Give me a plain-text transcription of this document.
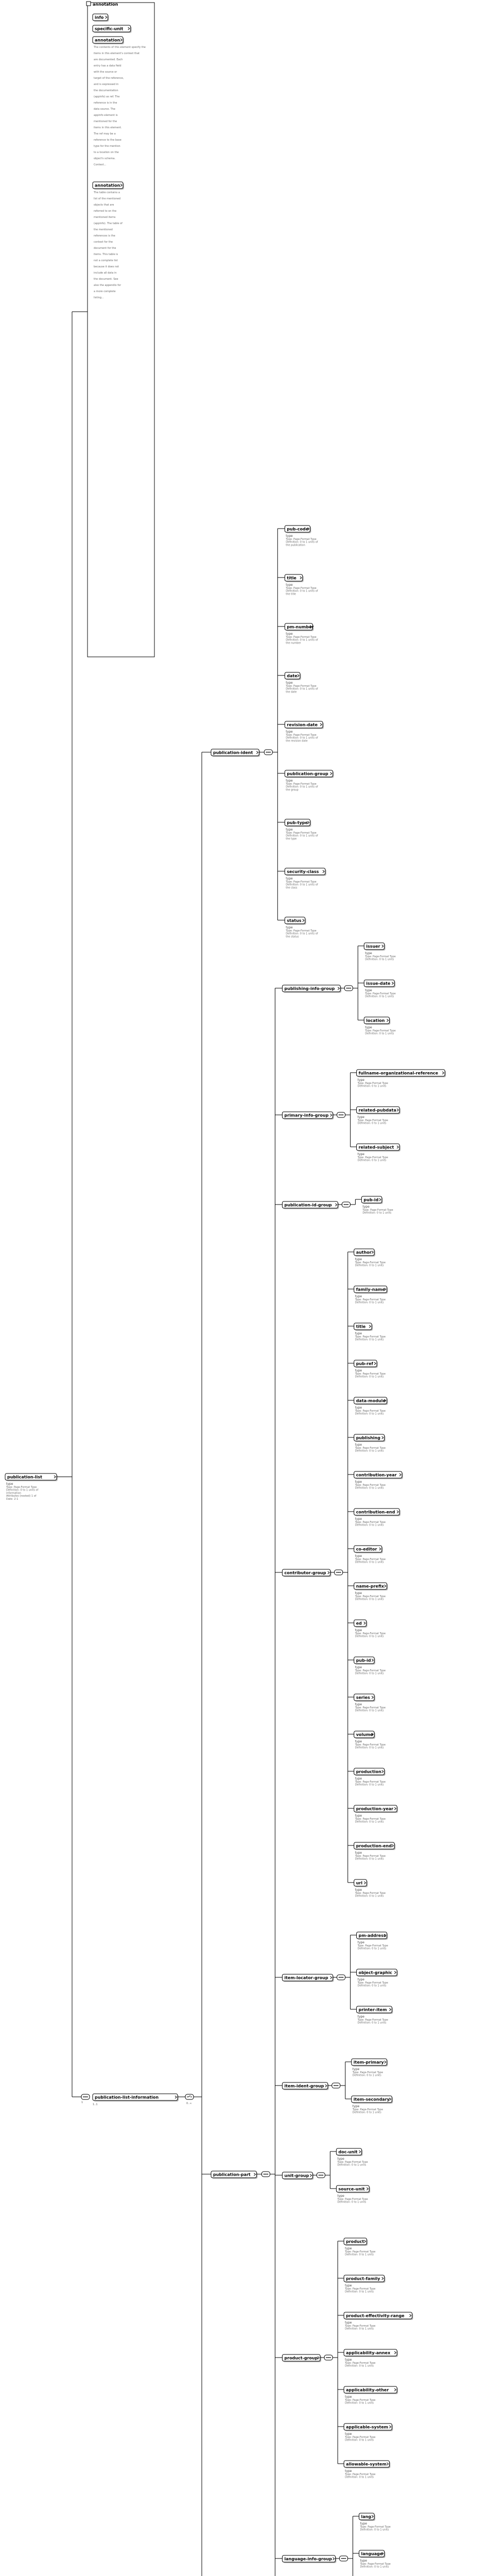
annotation
info
specific-unit
annotation
The contents of this element specify the
items in this element's context that
are documented. Each
entry has a data field
with the source or
target of the reference,
and is expressed in
the documentation
(appinfo) as ref. The
reference is in the
data source. The
appinfo element is
mentioned for the
items in this element.
The ref may be a
reference to the base
type for the mention
to a location on the
object's schema.
Context...
annotation
The table contains a
list of the mentioned
objects that are
referred to on the
mentioned items
(appinfo). The table of
the mentioned
references is the
context for the
document for the
items. This table is
not a complete list
because it does not
include all data in
the document. See
also the appendix for
a more complete
listing...
publication-list
type
Type: Page-Format Type
Definition: 0 to 1 units of
information
Attributes (nested) 1 of
Date: 2-1
1
publication-list-information
1..1	0..∞
publication-ident
pub-code
type
Type: Page-Format Type
Definition: 0 to 1 units of
the publication
title
type
Type: Page-Format Type
Definition: 0 to 1 units of
the title
pm-number
type
Type: Page-Format Type
Definition: 0 to 1 units of
the number
date
type
Type: Page-Format Type
Definition: 0 to 1 units of
the date
revision-date
type
Type: Page-Format Type
Definition: 0 to 1 units of
the revision date
publication-group
type
Type: Page-Format Type
Definition: 0 to 1 units of
the group
pub-type
type
Type: Page-Format Type
Definition: 0 to 1 units of
the type
security-class
type
Type: Page-Format Type
Definition: 0 to 1 units of
the class
status
type
Type: Page-Format Type
Definition: 0 to 1 units of
the status
publication-part
publishing-info-group
issuer
type
Type: Page-Format Type
Definition: 0 to 1 units
issue-date
type
Type: Page-Format Type
Definition: 0 to 1 units
location
type
Type: Page-Format Type
Definition: 0 to 1 units
primary-info-group
fullname-organizational-reference
type
Type: Page-Format Type
Definition: 0 to 1 units
related-pubdata
type
Type: Page-Format Type
Definition: 0 to 1 units
related-subject
type
Type: Page-Format Type
Definition: 0 to 1 units
publication-id-group
pub-id
type
Type: Page-Format Type
Definition: 0 to 1 units
contributor-group
author
type
Type: Page-Format Type
Definition: 0 to 1 units
family-name
type
Type: Page-Format Type
Definition: 0 to 1 units
title
type
Type: Page-Format Type
Definition: 0 to 1 units
pub-ref
type
Type: Page-Format Type
Definition: 0 to 1 units
data-module
type
Type: Page-Format Type
Definition: 0 to 1 units
publishing
type
Type: Page-Format Type
Definition: 0 to 1 units
contribution-year
type
Type: Page-Format Type
Definition: 0 to 1 units
contribution-end
type
Type: Page-Format Type
Definition: 0 to 1 units
co-editor
type
Type: Page-Format Type
Definition: 0 to 1 units
name-prefix
type
Type: Page-Format Type
Definition: 0 to 1 units
ed
type
Type: Page-Format Type
Definition: 0 to 1 units
pub-id
type
Type: Page-Format Type
Definition: 0 to 1 units
series
type
Type: Page-Format Type
Definition: 0 to 1 units
volume
type
Type: Page-Format Type
Definition: 0 to 1 units
production
type
Type: Page-Format Type
Definition: 0 to 1 units
production-year
type
Type: Page-Format Type
Definition: 0 to 1 units
production-end
type
Type: Page-Format Type
Definition: 0 to 1 units
url
type
Type: Page-Format Type
Definition: 0 to 1 units
item-locator-group
pm-address
type
Type: Page-Format Type
Definition: 0 to 1 units
object-graphic
type
Type: Page-Format Type
Definition: 0 to 1 units
printer-item
type
Type: Page-Format Type
Definition: 0 to 1 units
item-ident-group
item-primary
type
Type: Page-Format Type
Definition: 0 to 1 units
item-secondary
type
Type: Page-Format Type
Definition: 0 to 1 units
unit-group
doc-unit
type
Type: Page-Format Type
Definition: 0 to 1 units
source-unit
type
Type: Page-Format Type
Definition: 0 to 1 units
product-group
product
type
Type: Page-Format Type
Definition: 0 to 1 units
product-family
type
Type: Page-Format Type
Definition: 0 to 1 units
product-effectivity-range
type
Type: Page-Format Type
Definition: 0 to 1 units
applicability-annex
type
Type: Page-Format Type
Definition: 0 to 1 units
applicability-other
type
Type: Page-Format Type
Definition: 0 to 1 units
applicable-system
type
Type: Page-Format Type
Definition: 0 to 1 units
allowable-system
type
Type: Page-Format Type
Definition: 0 to 1 units
language-info-group
lang
type
Type: Page-Format Type
Definition: 0 to 1 units
language
type
Type: Page-Format Type
Definition: 0 to 1 units
